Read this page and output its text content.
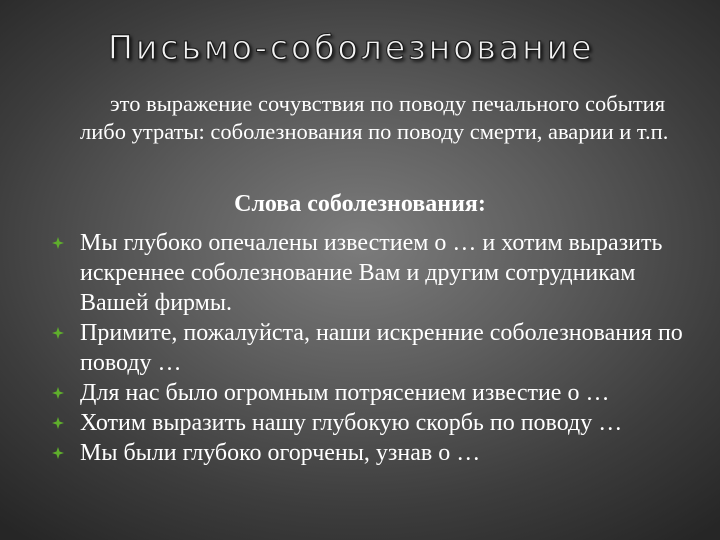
Письмо-соболезнование
это выражение сочувствия по поводу печального события либо утраты: соболезнования по поводу смерти, аварии и т.п.
Слова соболезнования:
Мы глубоко опечалены известием о … и хотим выразить искреннее соболезнование Вам и другим сотрудникам Вашей фирмы.
Примите, пожалуйста, наши искренние соболезнования по поводу …
Для нас было огромным потрясением известие о …
Хотим выразить нашу глубокую скорбь по поводу …
Мы были глубоко огорчены, узнав о …
